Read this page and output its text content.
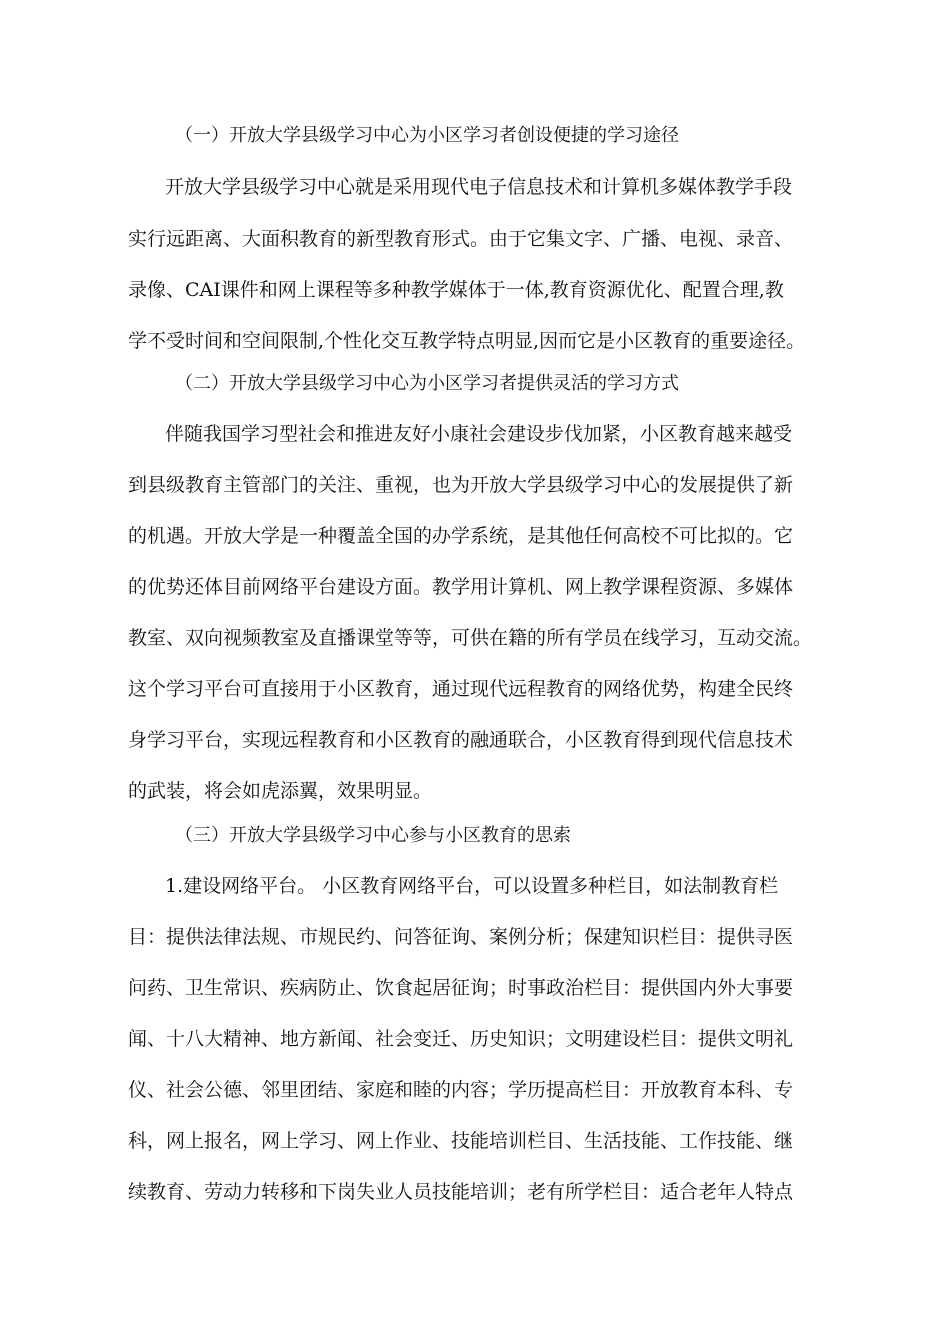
（一）开放大学县级学习中心为小区学习者创设便捷的学习途径
开放大学县级学习中心就是采用现代电子信息技术和计算机多媒体教学手段
实行远距离、大面积教育的新型教育形式。由于它集文字、广播、电视、录音、
录像、CAI课件和网上课程等多种教学媒体于一体,教育资源优化、配置合理,教
学不受时间和空间限制,个性化交互教学特点明显,因而它是小区教育的重要途径。
（二）开放大学县级学习中心为小区学习者提供灵活的学习方式
伴随我国学习型社会和推进友好小康社会建设步伐加紧，小区教育越来越受
到县级教育主管部门的关注、重视，也为开放大学县级学习中心的发展提供了新
的机遇。开放大学是一种覆盖全国的办学系统，是其他任何高校不可比拟的。它
的优势还体目前网络平台建设方面。教学用计算机、网上教学课程资源、多媒体
教室、双向视频教室及直播课堂等等，可供在籍的所有学员在线学习，互动交流。
这个学习平台可直接用于小区教育，通过现代远程教育的网络优势，构建全民终
身学习平台，实现远程教育和小区教育的融通联合，小区教育得到现代信息技术
的武装，将会如虎添翼，效果明显。
（三）开放大学县级学习中心参与小区教育的思索
1.建设网络平台。 小区教育网络平台，可以设置多种栏目，如法制教育栏
目：提供法律法规、市规民约、问答征询、案例分析；保建知识栏目：提供寻医
问药、卫生常识、疾病防止、饮食起居征询；时事政治栏目：提供国内外大事要
闻、十八大精神、地方新闻、社会变迁、历史知识；文明建设栏目：提供文明礼
仪、社会公德、邻里团结、家庭和睦的内容；学历提高栏目：开放教育本科、专
科，网上报名，网上学习、网上作业、技能培训栏目、生活技能、工作技能、继
续教育、劳动力转移和下岗失业人员技能培训；老有所学栏目：适合老年人特点
